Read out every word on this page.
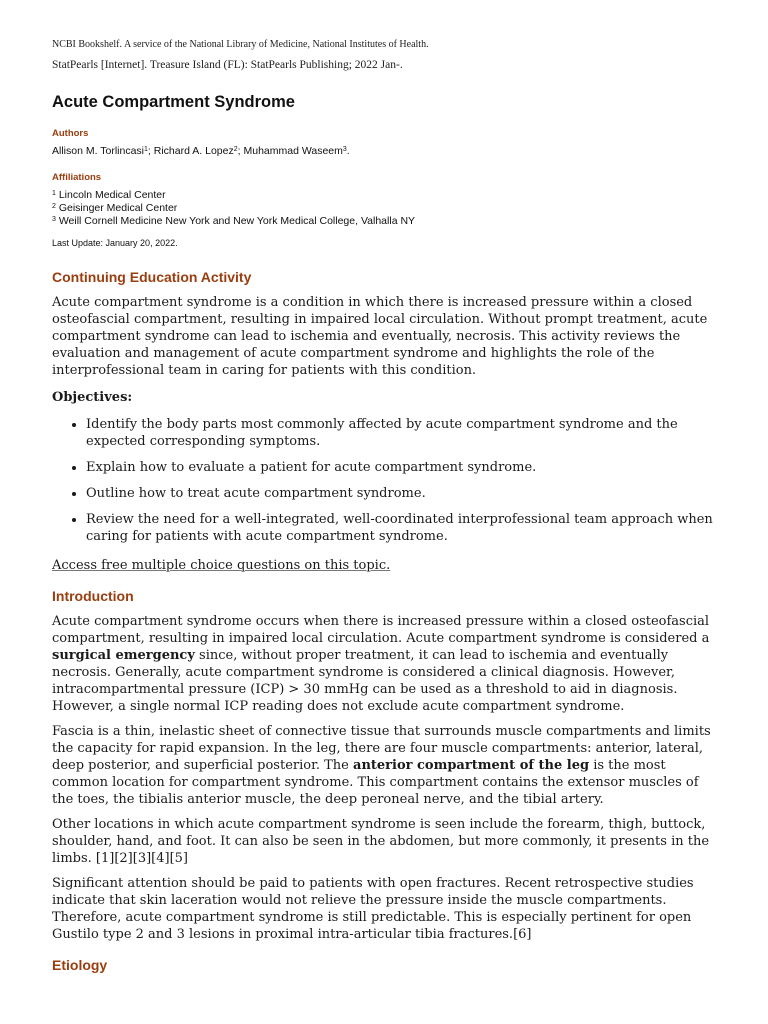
NCBI Bookshelf. A service of the National Library of Medicine, National Institutes of Health.

StatPearls [Internet]. Treasure Island (FL): StatPearls Publishing; 2022 Jan-.

Acute Compartment Syndrome
Authors

Allison M. Torlincasi$^1$; Richard A. Lopez$^2$; Muhammad Waseem$^3$.

Affiliations

$^1$ Lincoln Medical Center

$^2$ Geisinger Medical Center

$^3$ Weill Cornell Medicine New York and New York Medical College, Valhalla NY

Last Update: January 20, 2022.

Continuing Education Activity

Acute compartment syndrome is a condition in which there is increased pressure within a closed osteofascial compartment, resulting in impaired local circulation. Without prompt treatment, acute compartment syndrome can lead to ischemia and eventually, necrosis. This activity reviews the evaluation and management of acute compartment syndrome and highlights the role of the interprofessional team in caring for patients with this condition.

Objectives:
• Identify the body parts most commonly affected by acute compartment syndrome and the expected corresponding symptoms.
• Explain how to evaluate a patient for acute compartment syndrome.
• Outline how to treat acute compartment syndrome.
• Review the need for a well-integrated, well-coordinated interprofessional team approach when caring for patients with acute compartment syndrome.
Access free multiple choice questions on this topic.
Introduction

Acute compartment syndrome occurs when there is increased pressure within a closed osteofascial compartment, resulting in impaired local circulation. Acute compartment syndrome is considered a surgical emergency since, without proper treatment, it can lead to ischemia and eventually necrosis. Generally, acute compartment syndrome is considered a clinical diagnosis. However, intracompartmental pressure (ICP) > 30 mmHg can be used as a threshold to aid in diagnosis. However, a single normal ICP reading does not exclude acute compartment syndrome.

Fascia is a thin, inelastic sheet of connective tissue that surrounds muscle compartments and limits the capacity for rapid expansion. In the leg, there are four muscle compartments: anterior, lateral, deep posterior, and superficial posterior. The anterior compartment of the leg is the most common location for compartment syndrome. This compartment contains the extensor muscles of the toes, the tibialis anterior muscle, the deep peroneal nerve, and the tibial artery.

Other locations in which acute compartment syndrome is seen include the forearm, thigh, buttock, shoulder, hand, and foot. It can also be seen in the abdomen, but more commonly, it presents in the limbs. [1][2][3][4][5]

Significant attention should be paid to patients with open fractures. Recent retrospective studies indicate that skin laceration would not relieve the pressure inside the muscle compartments. Therefore, acute compartment syndrome is still predictable. This is especially pertinent for open Gustilo type 2 and 3 lesions in proximal intra-articular tibia fractures.[6]

Etiology
